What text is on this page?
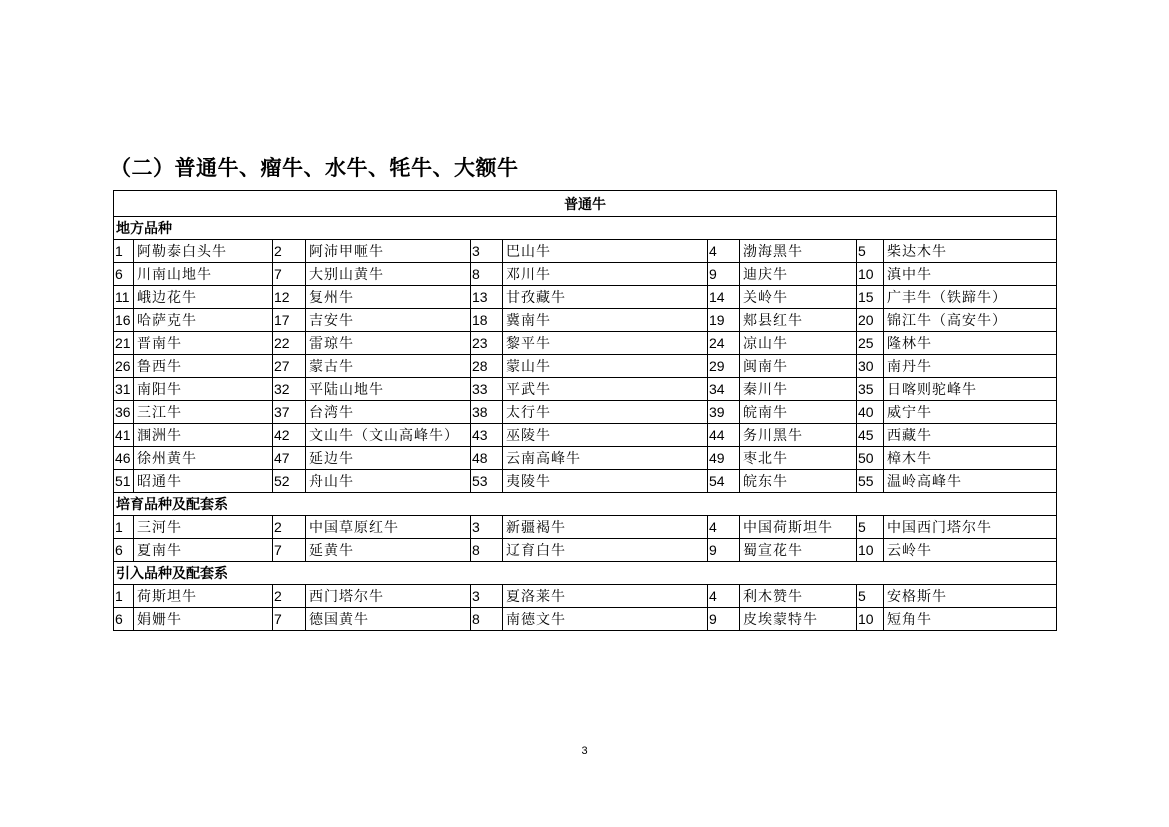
（二）普通牛、瘤牛、水牛、牦牛、大额牛
普通牛									
地方品种									
1	阿勒泰白头牛	2	阿沛甲咂牛	3	巴山牛	4	渤海黑牛	5	柴达木牛
6	川南山地牛	7	大别山黄牛	8	邓川牛	9	迪庆牛	10	滇中牛
11	峨边花牛	12	复州牛	13	甘孜藏牛	14	关岭牛	15	广丰牛（铁蹄牛）
16	哈萨克牛	17	吉安牛	18	冀南牛	19	郏县红牛	20	锦江牛（高安牛）
21	晋南牛	22	雷琼牛	23	黎平牛	24	凉山牛	25	隆林牛
26	鲁西牛	27	蒙古牛	28	蒙山牛	29	闽南牛	30	南丹牛
31	南阳牛	32	平陆山地牛	33	平武牛	34	秦川牛	35	日喀则驼峰牛
36	三江牛	37	台湾牛	38	太行牛	39	皖南牛	40	威宁牛
41	涠洲牛	42	文山牛（文山高峰牛）	43	巫陵牛	44	务川黑牛	45	西藏牛
46	徐州黄牛	47	延边牛	48	云南高峰牛	49	枣北牛	50	樟木牛
51	昭通牛	52	舟山牛	53	夷陵牛	54	皖东牛	55	温岭高峰牛
培育品种及配套系									
1	三河牛	2	中国草原红牛	3	新疆褐牛	4	中国荷斯坦牛	5	中国西门塔尔牛
6	夏南牛	7	延黄牛	8	辽育白牛	9	蜀宣花牛	10	云岭牛
引入品种及配套系									
1	荷斯坦牛	2	西门塔尔牛	3	夏洛莱牛	4	利木赞牛	5	安格斯牛
6	娟姗牛	7	德国黄牛	8	南德文牛	9	皮埃蒙特牛	10	短角牛
3
